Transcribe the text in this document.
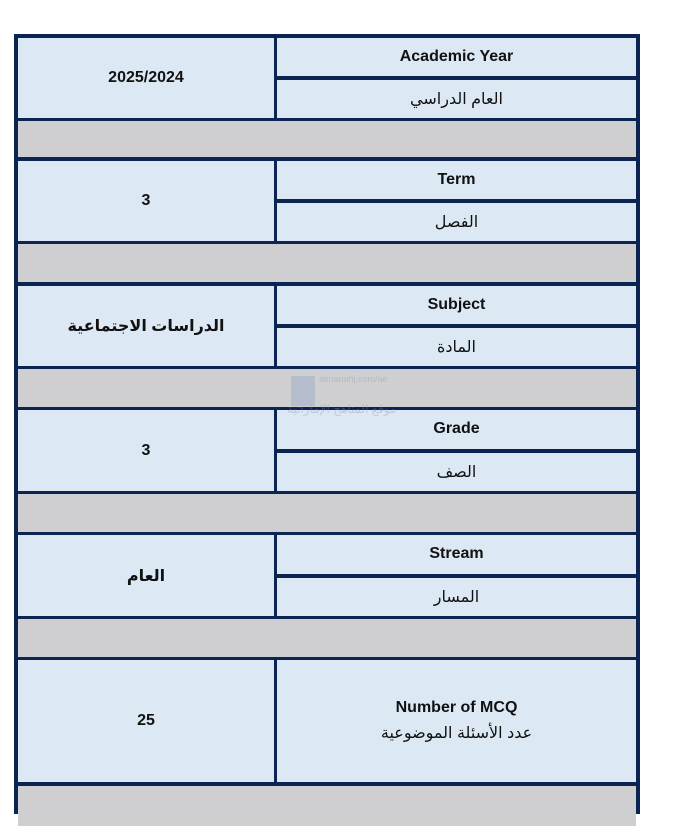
2025/2024
Academic Year
العام الدراسي
3
Term
الفصل
الدراسات الاجتماعية
Subject
المادة
3
Grade
الصف
العام
Stream
المسار
25
Number of MCQ
عدد الأسئلة الموضوعية
almanahj.com/ae
موقع المناهج الإماراتية
